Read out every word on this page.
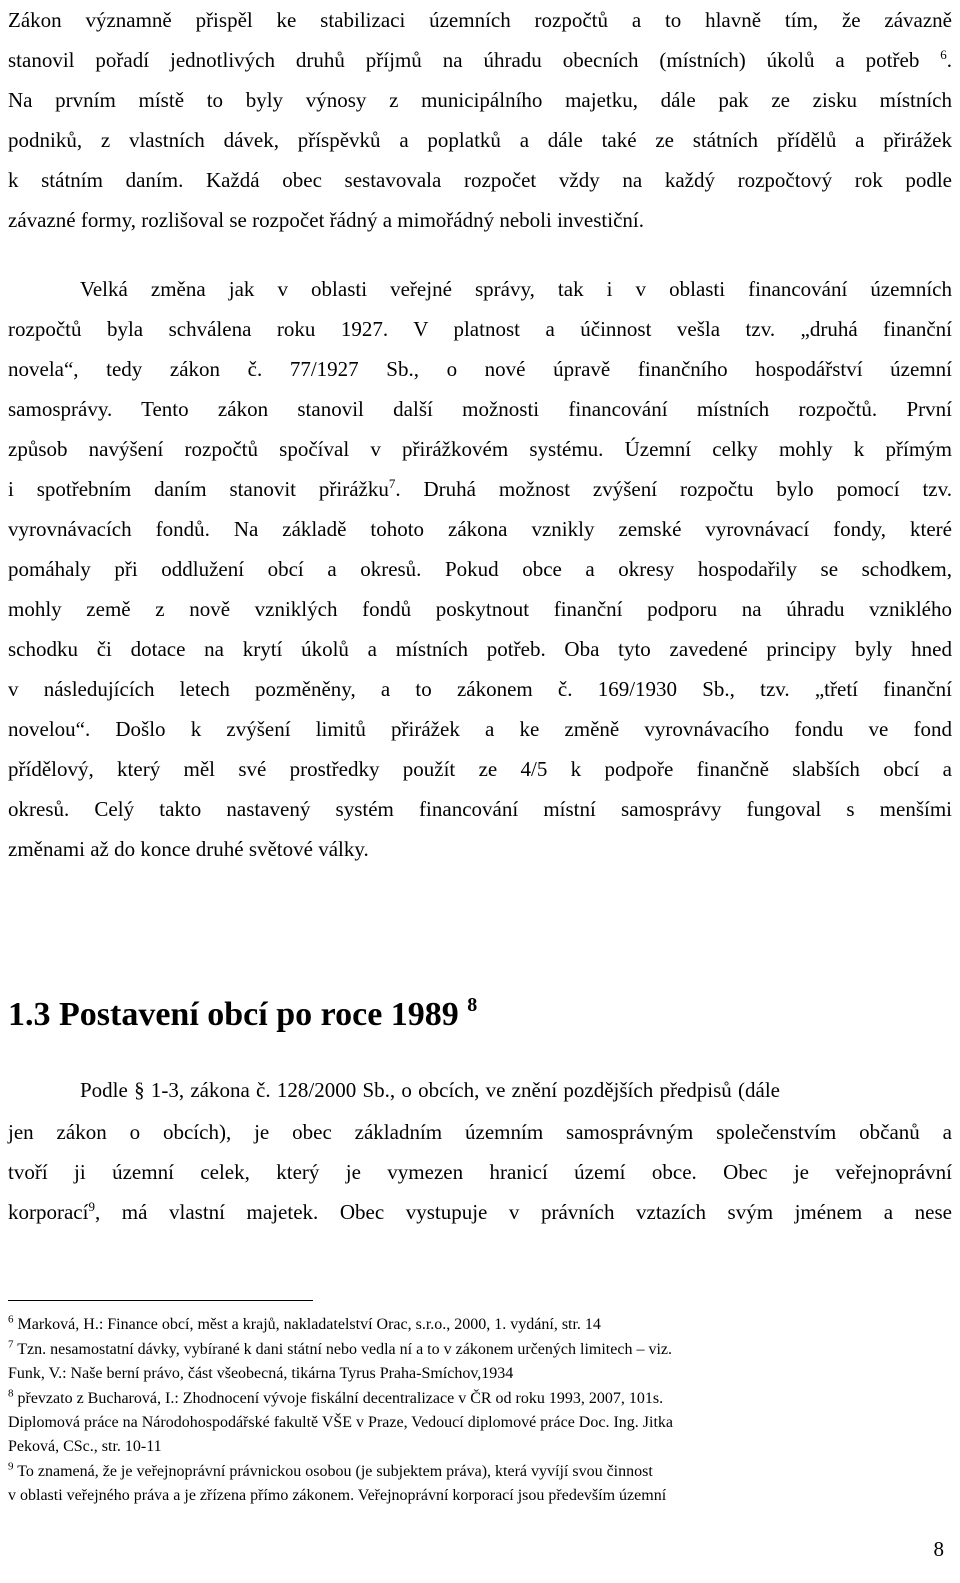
Zákon významně přispěl ke stabilizaci územních rozpočtů a to hlavně tím, že závazně
stanovil pořadí jednotlivých druhů příjmů na úhradu obecních (místních) úkolů a potřeb $^6$.
Na prvním místě to byly výnosy z municipálního majetku, dále pak ze zisku místních
podniků, z vlastních dávek, příspěvků a poplatků a dále také ze státních přídělů a přirážek
k státním daním. Každá obec sestavovala rozpočet vždy na každý rozpočtový rok podle
závazné formy, rozlišoval se rozpočet řádný a mimořádný neboli investiční.
Velká změna jak v oblasti veřejné správy, tak i v oblasti financování územních
rozpočtů byla schválena roku 1927. V platnost a účinnost vešla tzv. „druhá finanční
novela“, tedy zákon č. 77/1927 Sb., o nové úpravě finančního hospodářství územní
samosprávy. Tento zákon stanovil další možnosti financování místních rozpočtů. První
způsob navýšení rozpočtů spočíval v přirážkovém systému. Územní celky mohly k přímým
i spotřebním daním stanovit přirážku$^7$. Druhá možnost zvýšení rozpočtu bylo pomocí tzv.
vyrovnávacích fondů. Na základě tohoto zákona vznikly zemské vyrovnávací fondy, které
pomáhaly při oddlužení obcí a okresů. Pokud obce a okresy hospodařily se schodkem,
mohly země z nově vzniklých fondů poskytnout finanční podporu na úhradu vzniklého
schodku či dotace na krytí úkolů a místních potřeb. Oba tyto zavedené principy byly hned
v následujících letech pozměněny, a to zákonem č. 169/1930 Sb., tzv. „třetí finanční
novelou“. Došlo k zvýšení limitů přirážek a ke změně vyrovnávacího fondu ve fond
přídělový, který měl své prostředky použít ze 4/5 k podpoře finančně slabších obcí a
okresů. Celý takto nastavený systém financování místní samosprávy fungoval s menšími
změnami až do konce druhé světové války.
1.3 Postavení obcí po roce 1989 $^8$
Podle § 1-3, zákona č. 128/2000 Sb., o obcích, ve znění pozdějších předpisů (dále
jen zákon o obcích), je obec základním územním samosprávným společenstvím občanů a
tvoří ji územní celek, který je vymezen hranicí území obce. Obec je veřejnoprávní
korporací$^9$, má vlastní majetek. Obec vystupuje v právních vztazích svým jménem a nese
$^6$ Marková, H.: Finance obcí, měst a krajů, nakladatelství Orac, s.r.o., 2000, 1. vydání, str. 14
$^7$ Tzn. nesamostatní dávky, vybírané k dani státní nebo vedla ní a to v zákonem určených limitech – viz.
Funk, V.: Naše berní právo, část všeobecná, tikárna Tyrus Praha-Smíchov,1934
$^8$ převzato z Bucharová, I.: Zhodnocení vývoje fiskální decentralizace v ČR od roku 1993, 2007, 101s.
Diplomová práce na Národohospodářské fakultě VŠE v Praze, Vedoucí diplomové práce Doc. Ing. Jitka
Peková, CSc., str. 10-11
$^9$ To znamená, že je veřejnoprávní právnickou osobou (je subjektem práva), která vyvíjí svou činnost
v oblasti veřejného práva a je zřízena přímo zákonem. Veřejnoprávní korporací jsou především územní
8
